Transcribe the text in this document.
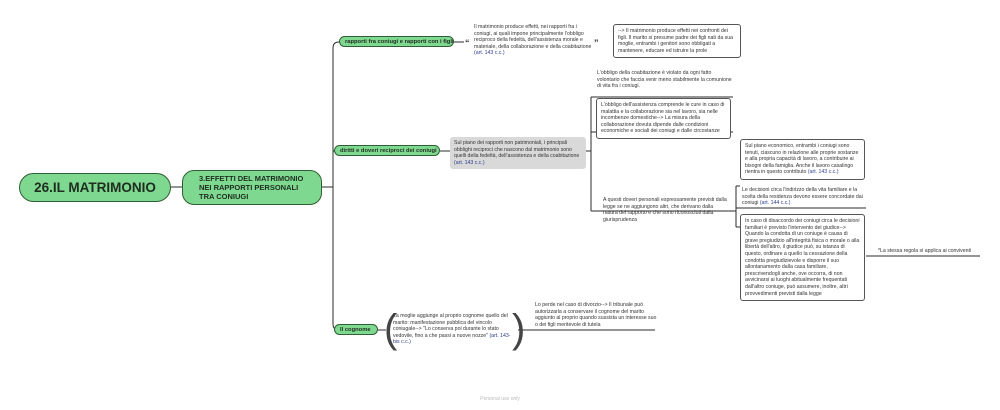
26.IL MATRIMONIO
3.EFFETTI DEL MATRIMONIO NEI RAPPORTI PERSONALI TRA CONIUGI
rapporti fra coniugi e rapporti con i figli “
Il matrimonio produce effetti, nei rapporti fra i coniugi, ai quali impone principalmente l'obbligo reciproco della fedeltà, dell'assistenza morale e materiale, della collaborazione e della coabitazione (art. 143 c.c.)
”
--> Il matrimonio produce effetti nei confronti dei figli. Il marito si presume padre dei figli nati da sua moglie, entrambi i genitori sono obbligati a mantenere, educare ed istruire la prole
diritti e doveri reciproci dei coniugi
Sul piano dei rapporti non patrimoniali, i principali obblighi reciproci che nascono dal matrimonio sono quelli della fedeltà, dell'assistenza e della coabitazione (art. 143 c.c.)
L'obbligo della coabitazione è violato da ogni fatto volontario che faccia venir meno stabilmente la comunione di vita fra i coniugi.
L'obbligo dell'assistenza comprende le cure in caso di malattia e la collaborazione sia nel lavoro, sia nelle incombenze domestiche--> La misura della collaborazione dovuta dipende dalle condizioni economiche e sociali dei coniugi e dalle circostanze
A questi doveri personali espressamente previsti dalla legge se ne aggiungono altri, che derivano dalla natura del rapporto e che sono riconosciuti dalla giurisprudenza
Sul piano economico, entrambi i coniugi sono tenuti, ciascuno in relazione alle proprie sostanze e alla propria capacità di lavoro, a contribuire ai bisogni della famiglia. Anche il lavoro casalingo rientra in questo contributo (art. 143 c.c.)
Le decisioni circa l'indirizzo della vita familiare e la scelta della residenza devono essere concordate dai coniugi (art. 144 c.c.)
In caso di disaccordo dei coniugi circa le decisioni familiari è previsto l'intervento del giudice--> Quando la condotta di un coniuge è causa di grave pregiudizio all'integrità fisica o morale o alla libertà dell'altro, il giudice può, su istanza di questo, ordinare a quello la cessazione della condotta pregiudizievole e disporre il suo allontanamento dalla casa familiare, prescrivendogli anche, ove occorra, di non avvicinarsi ai luoghi abitualmente frequentati dall'altro coniuge, può assumere, inoltre, altri provvedimenti previsti dalla legge
*La stessa regola si applica ai conviventi
Il cognome (
La moglie aggiunge al proprio cognome quello del marito: manifestazione pubblica del vincolo coniugale--> "Lo conserva poi durante lo stato vedovile, fino a che passi a nuove nozze" (art. 143-bis c.c.)	)
Lo perde nel caso di divorzio--> Il tribunale può autorizzarla a conservare il cognome del marito aggiunto al proprio quando sussista un interesse suo o dei figli meritevole di tutela
Personal use only
